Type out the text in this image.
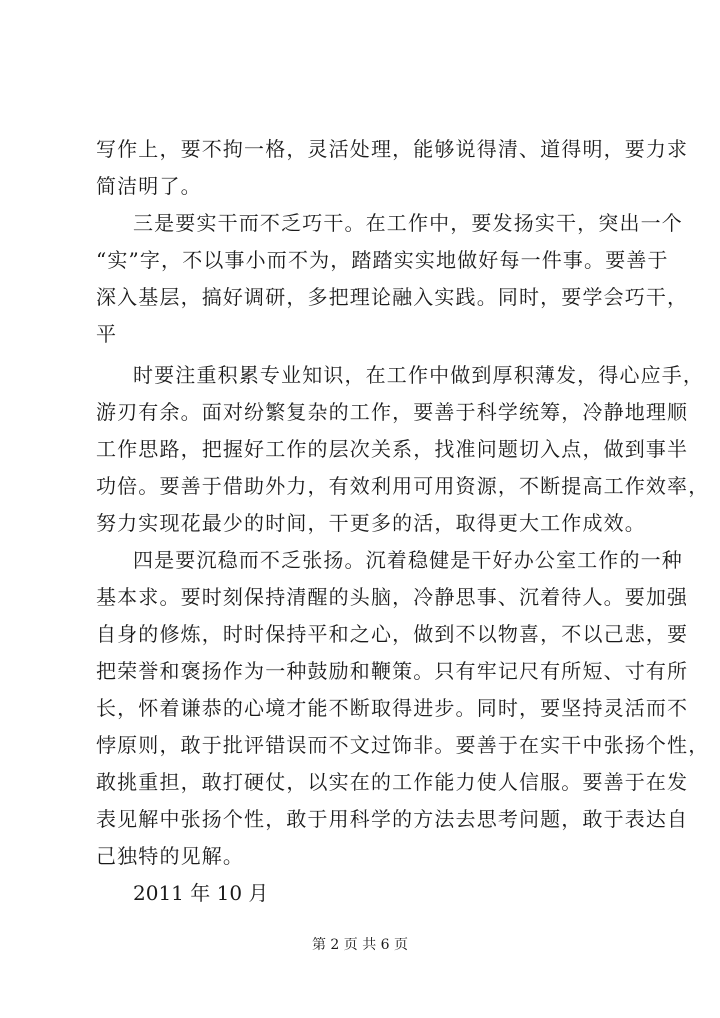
写作上，要不拘一格，灵活处理，能够说得清、道得明，要力求
简洁明了。
三是要实干而不乏巧干。在工作中，要发扬实干，突出一个
“实”字，不以事小而不为，踏踏实实地做好每一件事。要善于
深入基层，搞好调研，多把理论融入实践。同时，要学会巧干，
平
时要注重积累专业知识，在工作中做到厚积薄发，得心应手，
游刃有余。面对纷繁复杂的工作，要善于科学统筹，冷静地理顺
工作思路，把握好工作的层次关系，找准问题切入点，做到事半
功倍。要善于借助外力，有效利用可用资源，不断提高工作效率，
努力实现花最少的时间，干更多的活，取得更大工作成效。
四是要沉稳而不乏张扬。沉着稳健是干好办公室工作的一种
基本求。要时刻保持清醒的头脑，冷静思事、沉着待人。要加强
自身的修炼，时时保持平和之心，做到不以物喜，不以己悲，要
把荣誉和褒扬作为一种鼓励和鞭策。只有牢记尺有所短、寸有所
长，怀着谦恭的心境才能不断取得进步。同时，要坚持灵活而不
悖原则，敢于批评错误而不文过饰非。要善于在实干中张扬个性，
敢挑重担，敢打硬仗，以实在的工作能力使人信服。要善于在发
表见解中张扬个性，敢于用科学的方法去思考问题，敢于表达自
己独特的见解。
2011 年 10 月
第 2 页 共 6 页
